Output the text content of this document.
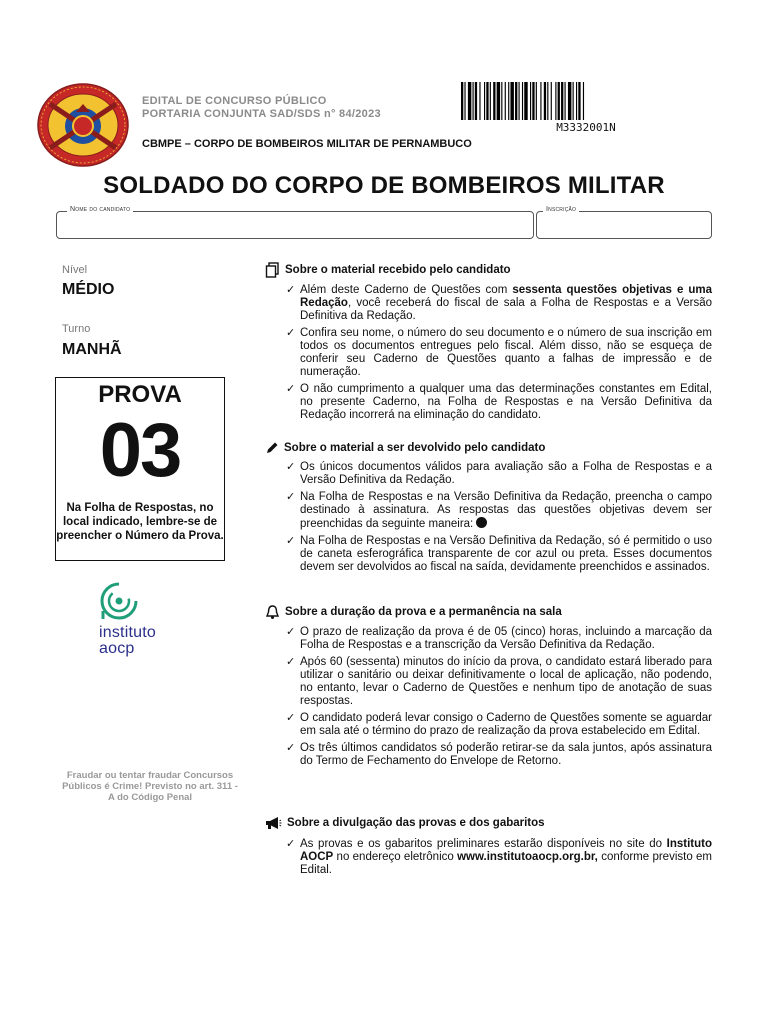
EDITAL DE CONCURSO PÚBLICO
PORTARIA CONJUNTA SAD/SDS n° 84/2023
CBMPE – CORPO DE BOMBEIROS MILITAR DE PERNAMBUCO
M3332001N
SOLDADO DO CORPO DE BOMBEIROS MILITAR
Nome do candidato	Inscrição
Nível
MÉDIO
Turno
MANHÃ
PROVA
03
Na Folha de Respostas, no local indicado, lembre-se de preencher o Número da Prova.
instituto
aocp
Fraudar ou tentar fraudar Concursos Públicos é Crime! Previsto no art. 311 - A do Código Penal
Sobre o material recebido pelo candidato
✓ Além deste Caderno de Questões com sessenta questões objetivas e uma Redação, você receberá do fiscal de sala a Folha de Respostas e a Versão Definitiva da Redação.
✓ Confira seu nome, o número do seu documento e o número de sua inscrição em todos os documentos entregues pelo fiscal. Além disso, não se esqueça de conferir seu Caderno de Questões quanto a falhas de impressão e de numeração.
✓ O não cumprimento a qualquer uma das determinações constantes em Edital, no presente Caderno, na Folha de Respostas e na Versão Definitiva da Redação incorrerá na eliminação do candidato.
Sobre o material a ser devolvido pelo candidato
✓ Os únicos documentos válidos para avaliação são a Folha de Respostas e a Versão Definitiva da Redação.
✓ Na Folha de Respostas e na Versão Definitiva da Redação, preencha o campo destinado à assinatura. As respostas das questões objetivas devem ser preenchidas da seguinte maneira:
✓ Na Folha de Respostas e na Versão Definitiva da Redação, só é permitido o uso de caneta esferográfica transparente de cor azul ou preta. Esses documentos devem ser devolvidos ao fiscal na saída, devidamente preenchidos e assinados.
Sobre a duração da prova e a permanência na sala
✓ O prazo de realização da prova é de 05 (cinco) horas, incluindo a marcação da Folha de Respostas e a transcrição da Versão Definitiva da Redação.
✓ Após 60 (sessenta) minutos do início da prova, o candidato estará liberado para utilizar o sanitário ou deixar definitivamente o local de aplicação, não podendo, no entanto, levar o Caderno de Questões e nenhum tipo de anotação de suas respostas.
✓ O candidato poderá levar consigo o Caderno de Questões somente se aguardar em sala até o término do prazo de realização da prova estabelecido em Edital.
✓ Os três últimos candidatos só poderão retirar-se da sala juntos, após assinatura do Termo de Fechamento do Envelope de Retorno.
Sobre a divulgação das provas e dos gabaritos
✓ As provas e os gabaritos preliminares estarão disponíveis no site do Instituto AOCP no endereço eletrônico www.institutoaocp.org.br, conforme previsto em Edital.
